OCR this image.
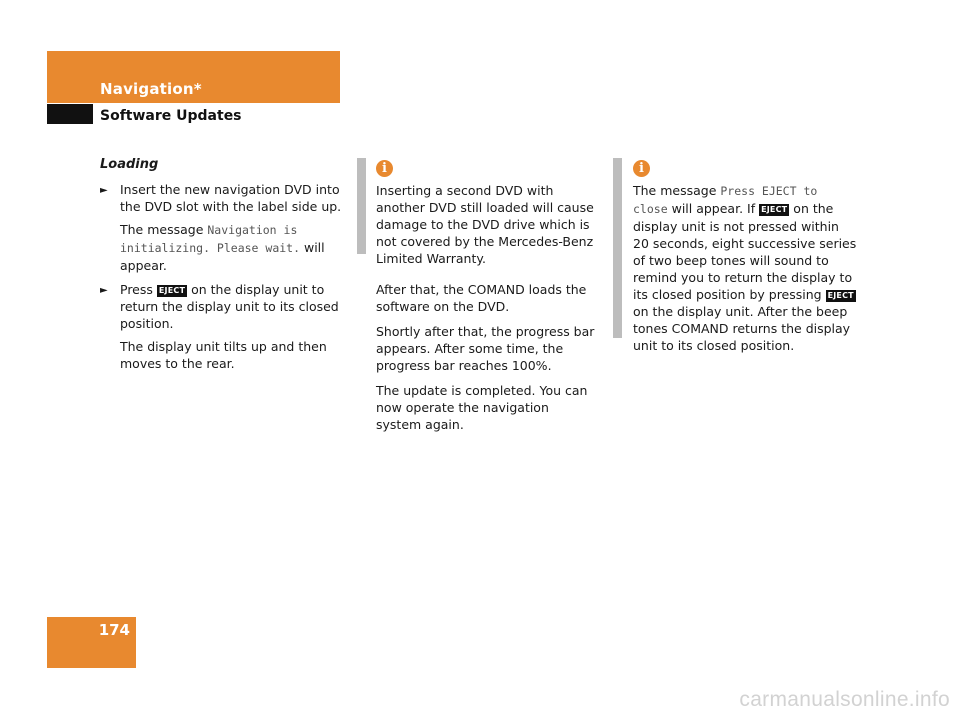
Navigation*
Software Updates
Loading
► Insert the new navigation DVD into the DVD slot with the label side up.
The message Navigation is initializing. Please wait. will appear.
► Press EJECT on the display unit to return the display unit to its closed position.
The display unit tilts up and then moves to the rear.
i
Inserting a second DVD with another DVD still loaded will cause damage to the DVD drive which is not covered by the Mercedes-Benz Limited Warranty.
After that, the COMAND loads the software on the DVD.
Shortly after that, the progress bar appears. After some time, the progress bar reaches 100%.
The update is completed. You can now operate the navigation system again.
i
The message Press EJECT to close will appear. If EJECT on the display unit is not pressed within 20 seconds, eight successive series of two beep tones will sound to remind you to return the display to its closed position by pressing EJECT on the display unit. After the beep tones COMAND returns the display unit to its closed position.
174
carmanualsonline.info
